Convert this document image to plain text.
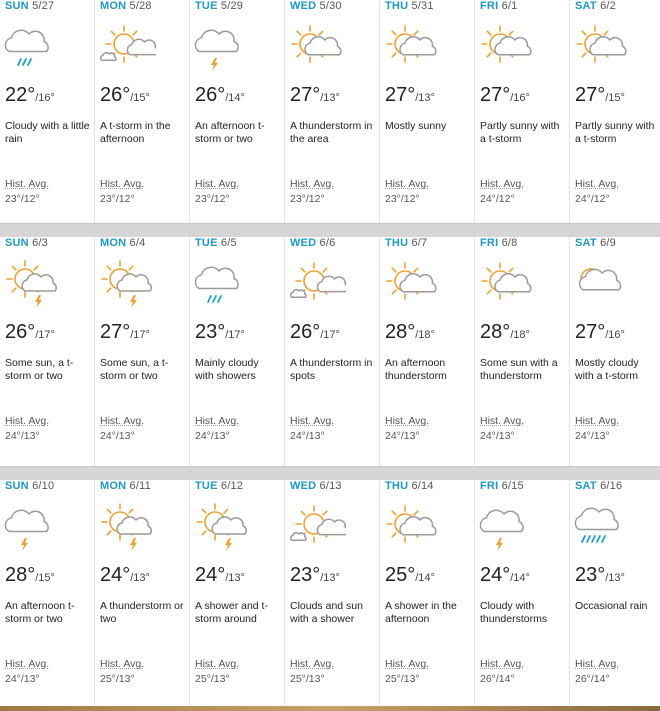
SUN 5/27
22°/16°
Cloudy with a little rain
Hist. Avg.
23°/12°
MON 5/28
26°/15°
A t-storm in the afternoon
Hist. Avg.
23°/12°
TUE 5/29
26°/14°
An afternoon t-storm or two
Hist. Avg.
23°/12°
WED 5/30
27°/13°
A thunderstorm in the area
Hist. Avg.
23°/12°
THU 5/31
27°/13°
Mostly sunny
Hist. Avg.
23°/12°
FRI 6/1
27°/16°
Partly sunny with a t-storm
Hist. Avg.
24°/12°
SAT 6/2
27°/15°
Partly sunny with a t-storm
Hist. Avg.
24°/12°
SUN 6/3
26°/17°
Some sun, a t-storm or two
Hist. Avg.
24°/13°
MON 6/4
27°/17°
Some sun, a t-storm or two
Hist. Avg.
24°/13°
TUE 6/5
23°/17°
Mainly cloudy with showers
Hist. Avg.
24°/13°
WED 6/6
26°/17°
A thunderstorm in spots
Hist. Avg.
24°/13°
THU 6/7
28°/18°
An afternoon thunderstorm
Hist. Avg.
24°/13°
FRI 6/8
28°/18°
Some sun with a thunderstorm
Hist. Avg.
24°/13°
SAT 6/9
27°/16°
Mostly cloudy with a t-storm
Hist. Avg.
24°/13°
SUN 6/10
28°/15°
An afternoon t-storm or two
Hist. Avg.
24°/13°
MON 6/11
24°/13°
A thunderstorm or two
Hist. Avg.
25°/13°
TUE 6/12
24°/13°
A shower and t-storm around
Hist. Avg.
25°/13°
WED 6/13
23°/13°
Clouds and sun with a shower
Hist. Avg.
25°/13°
THU 6/14
25°/14°
A shower in the afternoon
Hist. Avg.
25°/13°
FRI 6/15
24°/14°
Cloudy with thunderstorms
Hist. Avg.
26°/14°
SAT 6/16
23°/13°
Occasional rain
Hist. Avg.
26°/14°
